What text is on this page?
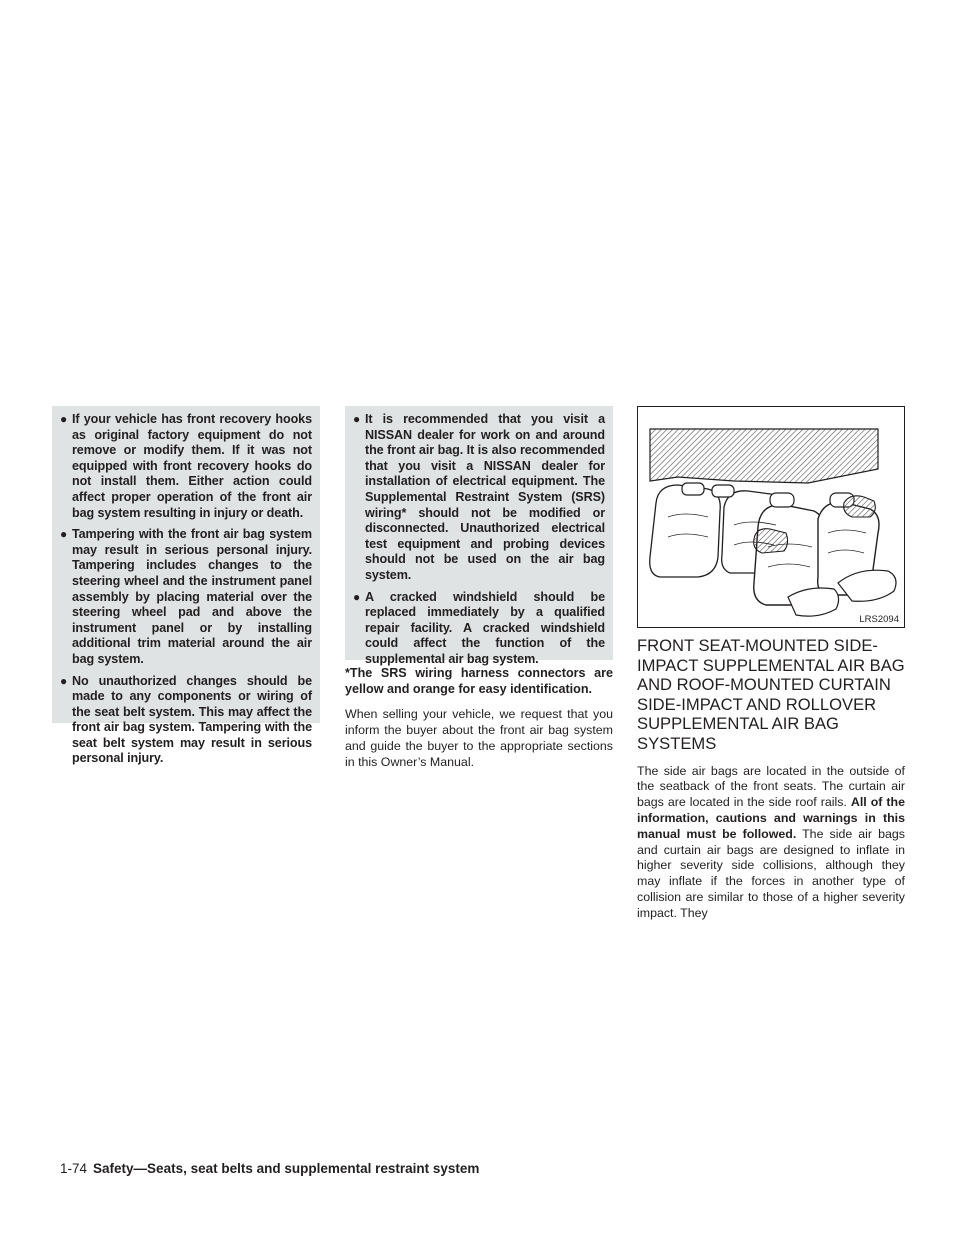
● If your vehicle has front recovery hooks as original factory equipment do not remove or modify them. If it was not equipped with front recovery hooks do not install them. Either action could affect proper operation of the front air bag system resulting in injury or death.
● Tampering with the front air bag system may result in serious personal injury. Tampering includes changes to the steering wheel and the instrument panel assembly by placing material over the steering wheel pad and above the instrument panel or by installing additional trim material around the air bag system.
● No unauthorized changes should be made to any components or wiring of the seat belt system. This may affect the front air bag system. Tampering with the seat belt system may result in serious personal injury.
● It is recommended that you visit a NISSAN dealer for work on and around the front air bag. It is also recommended that you visit a NISSAN dealer for installation of electrical equipment. The Supplemental Restraint System (SRS) wiring* should not be modified or disconnected. Unauthorized electrical test equipment and probing devices should not be used on the air bag system.
● A cracked windshield should be replaced immediately by a qualified repair facility. A cracked windshield could affect the function of the supplemental air bag system.
*The SRS wiring harness connectors are yellow and orange for easy identification.
When selling your vehicle, we request that you inform the buyer about the front air bag system and guide the buyer to the appropriate sections in this Owner’s Manual.
LRS2094
FRONT SEAT-MOUNTED SIDE-IMPACT SUPPLEMENTAL AIR BAG AND ROOF-MOUNTED CURTAIN SIDE-IMPACT AND ROLLOVER SUPPLEMENTAL AIR BAG SYSTEMS
The side air bags are located in the outside of the seatback of the front seats. The curtain air bags are located in the side roof rails. All of the information, cautions and warnings in this manual must be followed. The side air bags and curtain air bags are designed to inflate in higher severity side collisions, although they may inflate if the forces in another type of collision are similar to those of a higher severity impact. They
1-74 Safety—Seats, seat belts and supplemental restraint system
